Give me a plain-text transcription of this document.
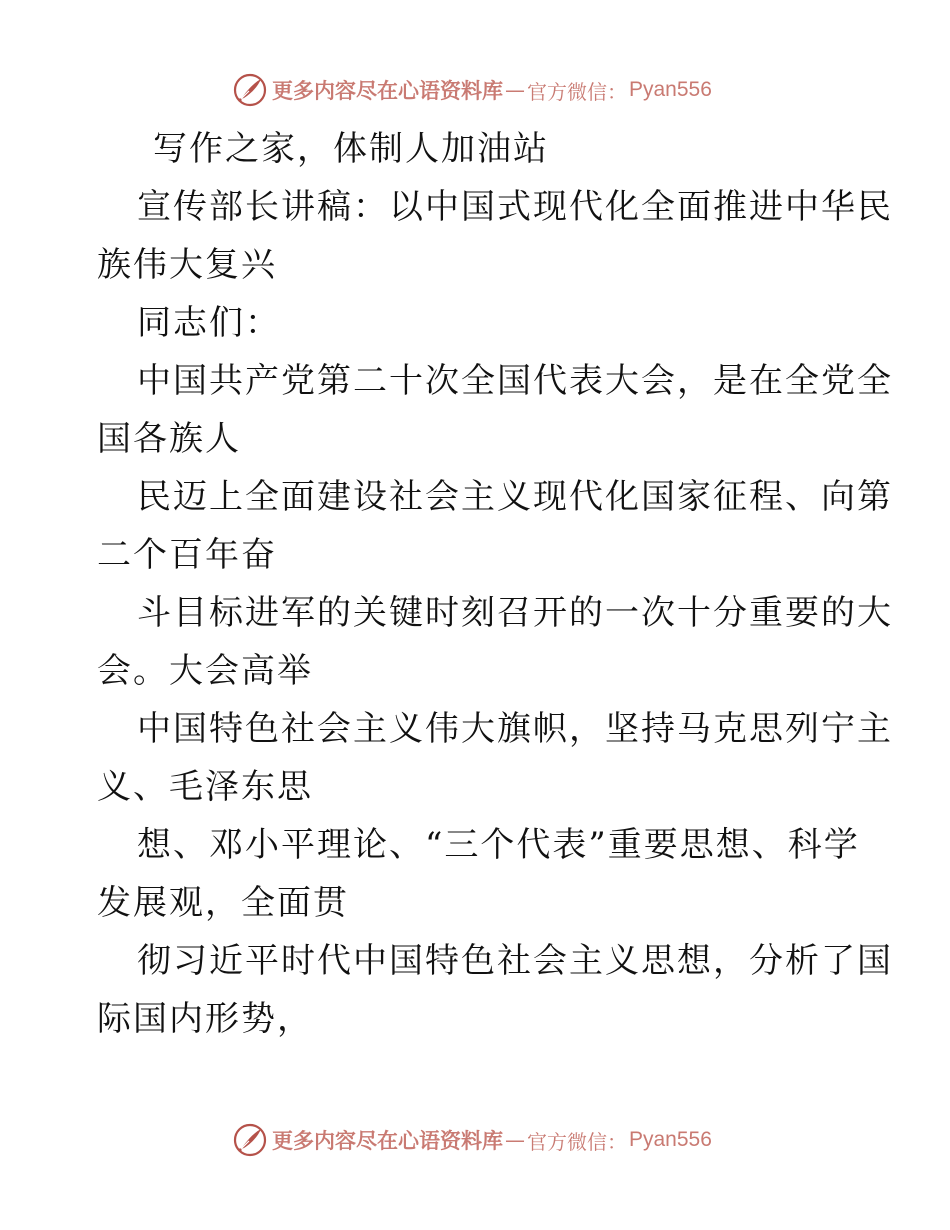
更多内容尽在心语资料库 — 官方微信： Pyan556
写作之家，体制人加油站
宣传部长讲稿：以中国式现代化全面推进中华民
族伟大复兴
同志们：
中国共产党第二十次全国代表大会，是在全党全
国各族人
民迈上全面建设社会主义现代化国家征程、向第
二个百年奋
斗目标进军的关键时刻召开的一次十分重要的大
会。大会高举
中国特色社会主义伟大旗帜，坚持马克思列宁主
义、毛泽东思
想、邓小平理论、“三个代表”重要思想、科学
发展观，全面贯
彻习近平时代中国特色社会主义思想，分析了国
际国内形势，
更多内容尽在心语资料库 — 官方微信： Pyan556
